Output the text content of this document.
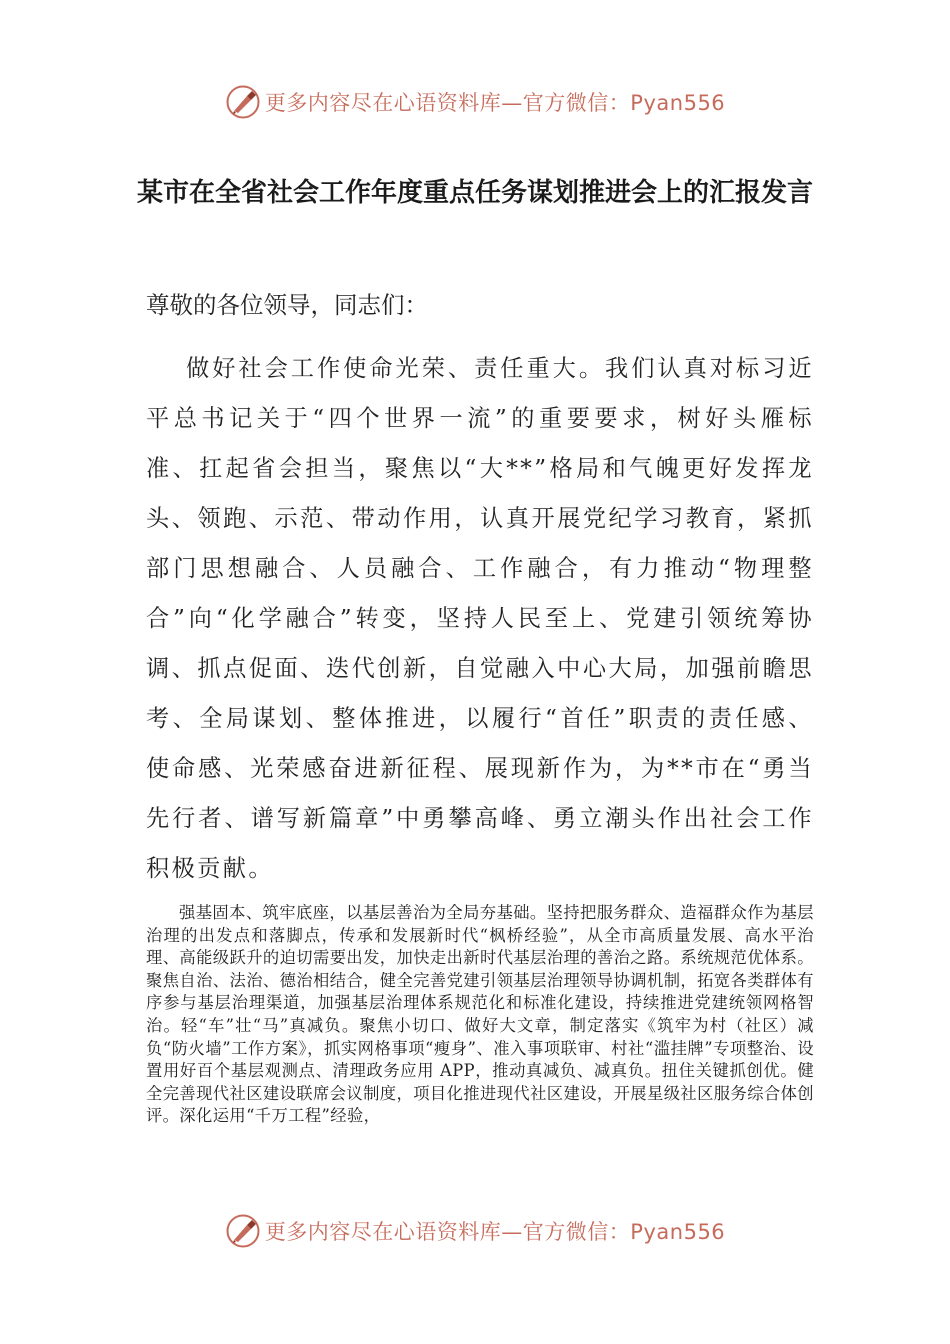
更多内容尽在心语资料库—官方微信：Pyan556
某市在全省社会工作年度重点任务谋划推进会上的汇报发言

尊敬的各位领导，同志们：

做好社会工作使命光荣、责任重大。我们认真对标习近平总书记关于“四个世界一流”的重要要求，树好头雁标准、扛起省会担当，聚焦以“大**”格局和气魄更好发挥龙头、领跑、示范、带动作用，认真开展党纪学习教育，紧抓部门思想融合、人员融合、工作融合，有力推动“物理整合”向“化学融合”转变，坚持人民至上、党建引领统筹协调、抓点促面、迭代创新，自觉融入中心大局，加强前瞻思考、全局谋划、整体推进，以履行“首任”职责的责任感、使命感、光荣感奋进新征程、展现新作为，为**市在“勇当先行者、谱写新篇章”中勇攀高峰、勇立潮头作出社会工作积极贡献。

强基固本、筑牢底座，以基层善治为全局夯基础。坚持把服务群众、造福群众作为基层治理的出发点和落脚点，传承和发展新时代“枫桥经验”，从全市高质量发展、高水平治理、高能级跃升的迫切需要出发，加快走出新时代基层治理的善治之路。系统规范优体系。聚焦自治、法治、德治相结合，健全完善党建引领基层治理领导协调机制，拓宽各类群体有序参与基层治理渠道，加强基层治理体系规范化和标准化建设，持续推进党建统领网格智治。轻“车”壮“马”真减负。聚焦小切口、做好大文章，制定落实《筑牢为村（社区）减负“防火墙”工作方案》，抓实网格事项“瘦身”、准入事项联审、村社“滥挂牌”专项整治、设置用好百个基层观测点、清理政务应用 APP，推动真减负、减真负。扭住关键抓创优。健全完善现代社区建设联席会议制度，项目化推进现代社区建设，开展星级社区服务综合体创评。深化运用“千万工程”经验，

更多内容尽在心语资料库—官方微信：Pyan556
